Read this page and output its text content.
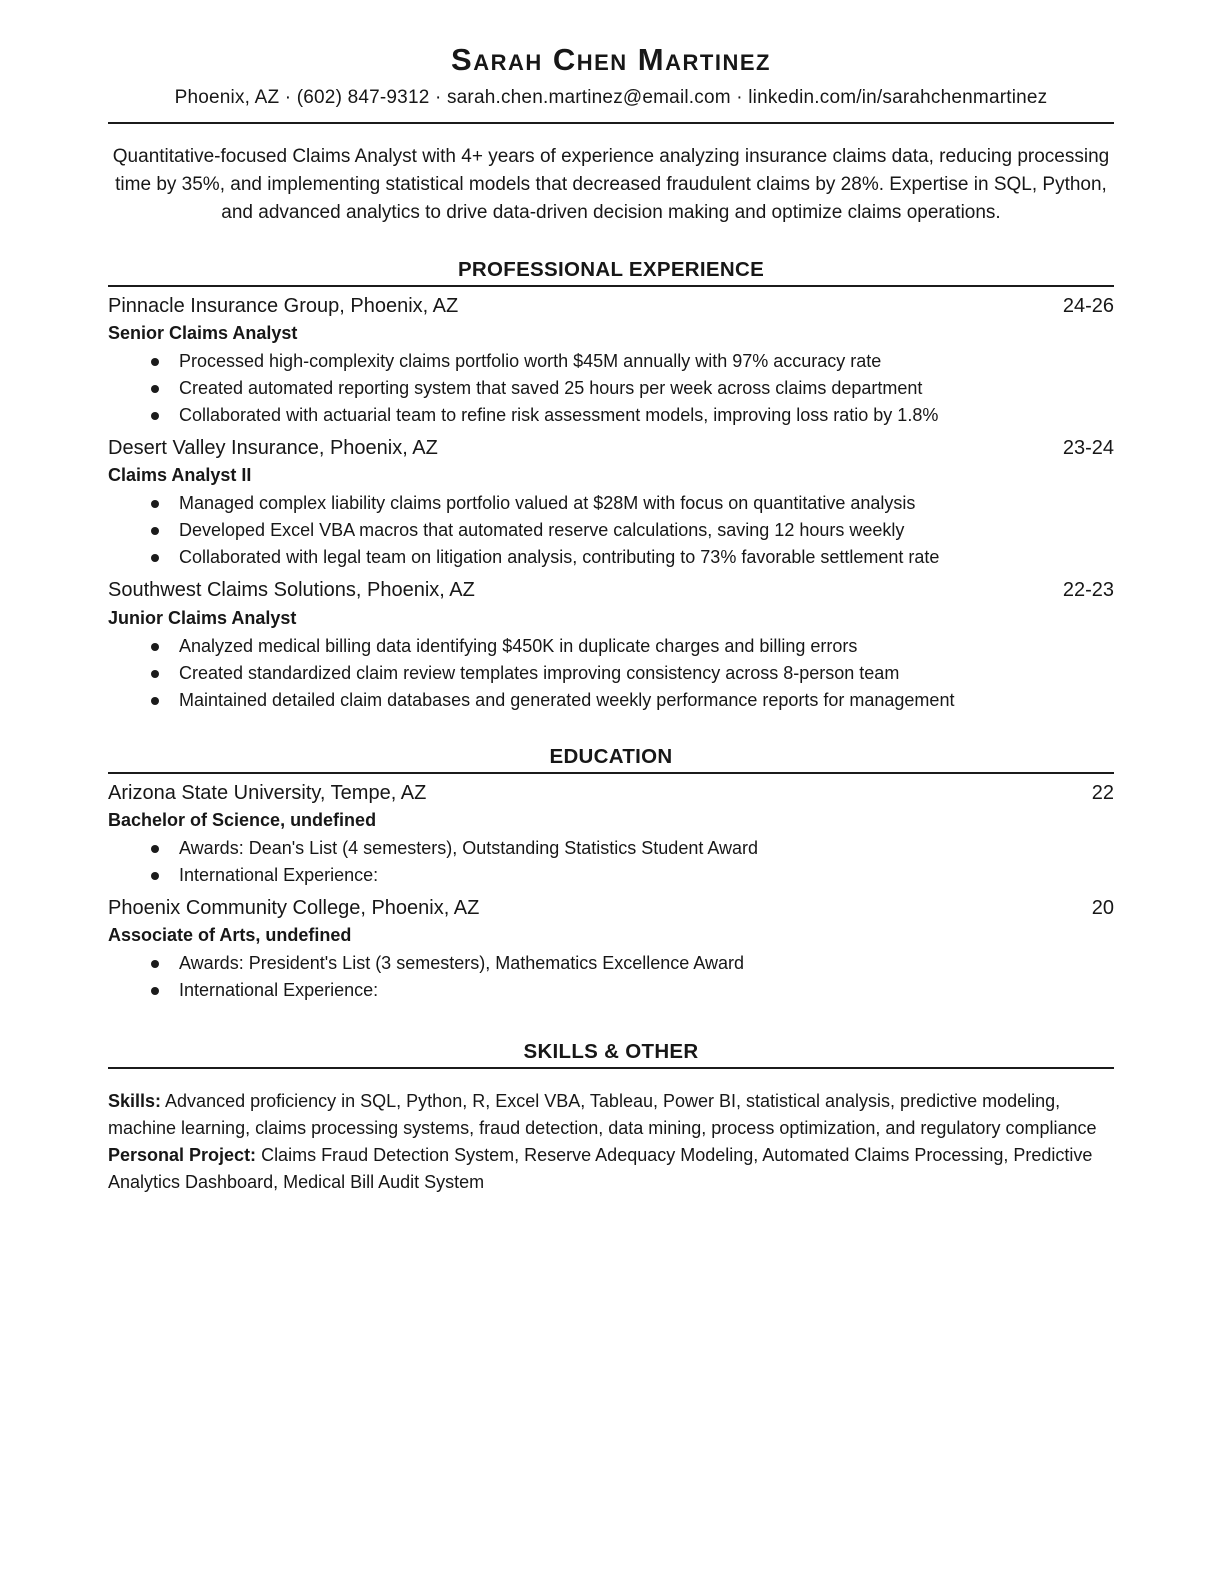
Sarah Chen Martinez

Phoenix, AZ · (602) 847-9312 · sarah.chen.martinez@email.com · linkedin.com/in/sarahchenmartinez

Quantitative-focused Claims Analyst with 4+ years of experience analyzing insurance claims data, reducing processing time by 35%, and implementing statistical models that decreased fraudulent claims by 28%. Expertise in SQL, Python, and advanced analytics to drive data-driven decision making and optimize claims operations.

PROFESSIONAL EXPERIENCE
Pinnacle Insurance Group, Phoenix, AZ	24-26
Senior Claims Analyst
Processed high-complexity claims portfolio worth $45M annually with 97% accuracy rate
Created automated reporting system that saved 25 hours per week across claims department
Collaborated with actuarial team to refine risk assessment models, improving loss ratio by 1.8%
Desert Valley Insurance, Phoenix, AZ	23-24
Claims Analyst II
Managed complex liability claims portfolio valued at $28M with focus on quantitative analysis
Developed Excel VBA macros that automated reserve calculations, saving 12 hours weekly
Collaborated with legal team on litigation analysis, contributing to 73% favorable settlement rate
Southwest Claims Solutions, Phoenix, AZ	22-23
Junior Claims Analyst
Analyzed medical billing data identifying $450K in duplicate charges and billing errors
Created standardized claim review templates improving consistency across 8-person team
Maintained detailed claim databases and generated weekly performance reports for management
EDUCATION
Arizona State University, Tempe, AZ	22
Bachelor of Science, undefined
Awards: Dean's List (4 semesters), Outstanding Statistics Student Award
International Experience:
Phoenix Community College, Phoenix, AZ	20
Associate of Arts, undefined
Awards: President's List (3 semesters), Mathematics Excellence Award
International Experience:
SKILLS & OTHER

Skills: Advanced proficiency in SQL, Python, R, Excel VBA, Tableau, Power BI, statistical analysis, predictive modeling, machine learning, claims processing systems, fraud detection, data mining, process optimization, and regulatory compliance

Personal Project: Claims Fraud Detection System, Reserve Adequacy Modeling, Automated Claims Processing, Predictive Analytics Dashboard, Medical Bill Audit System
